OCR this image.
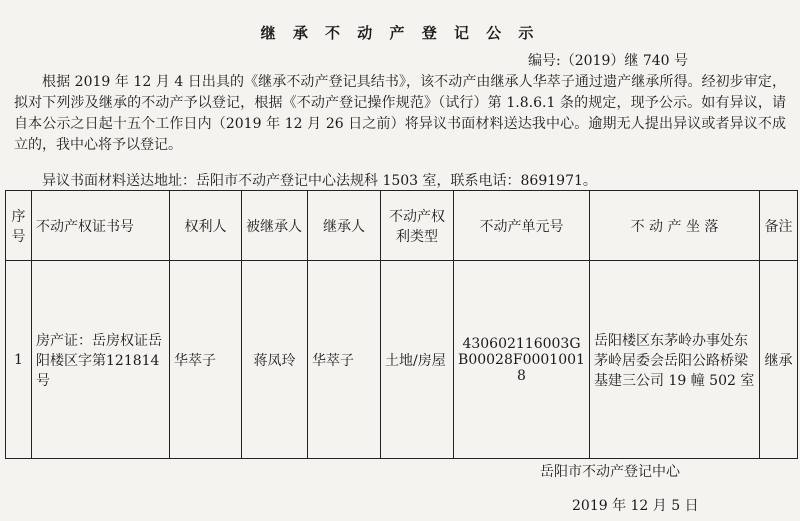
继 承 不 动 产 登 记 公 示
编号:（2019）继 740 号
根据 2019 年 12 月 4 日出具的《继承不动产登记具结书》，该不动产由继承人华萃子通过遗产继承所得。经初步审定， 拟对下列涉及继承的不动产予以登记，根据《不动产登记操作规范》（试行）第 1.8.6.1 条的规定，现予公示。如有异议，请自本公示之日起十五个工作日内（2019 年 12 月 26 日之前）将异议书面材料送达我中心。逾期无人提出异议或者异议不成立的，我中心将予以登记。
异议书面材料送达地址：岳阳市不动产登记中心法规科 1503 室，联系电话：8691971。
序号	不动产权证书号	权利人	被继承人	继承人	不动产权利类型	不动产单元号	不 动 产 坐 落	备注
1	房产证：岳房权证岳阳楼区字第121814号	华萃子	蒋凤玲	华萃子	土地/房屋	430602116003GB00028F00010018	岳阳楼区东茅岭办事处东茅岭居委会岳阳公路桥梁基建三公司 19 幢 502 室	继承
岳阳市不动产登记中心
2019 年 12 月 5 日
